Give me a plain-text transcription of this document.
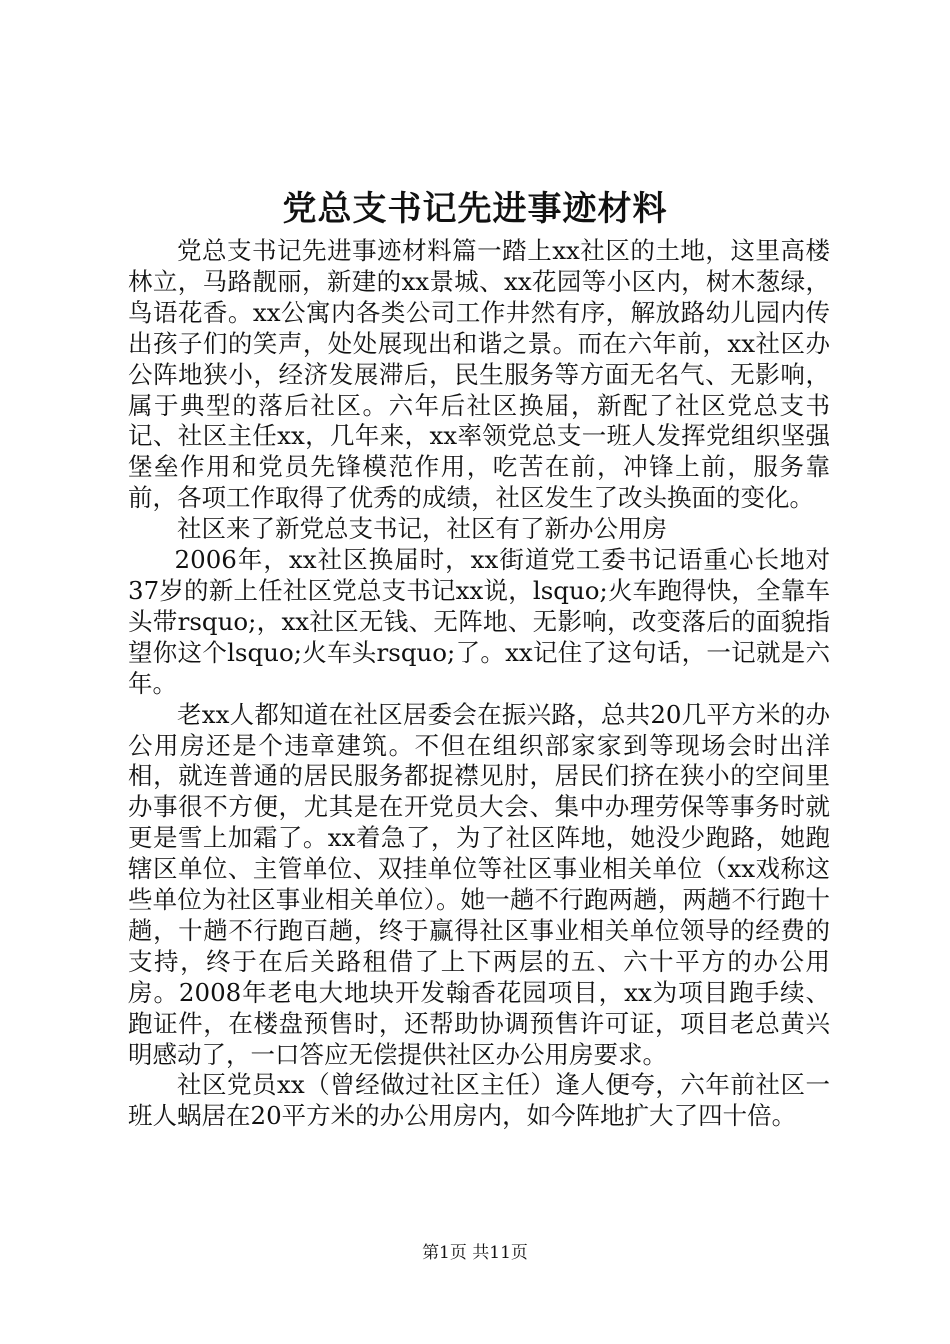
党总支书记先进事迹材料

党总支书记先进事迹材料篇一踏上xx社区的土地，这里高楼林立，马路靓丽，新建的xx景城、xx花园等小区内，树木葱绿，鸟语花香。xx公寓内各类公司工作井然有序，解放路幼儿园内传出孩子们的笑声，处处展现出和谐之景。而在六年前，xx社区办公阵地狭小，经济发展滞后，民生服务等方面无名气、无影响，属于典型的落后社区。六年后社区换届，新配了社区党总支书记、社区主任xx，几年来，xx率领党总支一班人发挥党组织坚强堡垒作用和党员先锋模范作用，吃苦在前，冲锋上前，服务靠前，各项工作取得了优秀的成绩，社区发生了改头换面的变化。

社区来了新党总支书记，社区有了新办公用房

2006年，xx社区换届时，xx街道党工委书记语重心长地对37岁的新上任社区党总支书记xx说，lsquo;火车跑得快，全靠车头带rsquo;，xx社区无钱、无阵地、无影响，改变落后的面貌指望你这个lsquo;火车头rsquo;了。xx记住了这句话，一记就是六年。

老xx人都知道在社区居委会在振兴路，总共20几平方米的办公用房还是个违章建筑。不但在组织部家家到等现场会时出洋相，就连普通的居民服务都捉襟见肘，居民们挤在狭小的空间里办事很不方便，尤其是在开党员大会、集中办理劳保等事务时就更是雪上加霜了。xx着急了，为了社区阵地，她没少跑路，她跑辖区单位、主管单位、双挂单位等社区事业相关单位（xx戏称这些单位为社区事业相关单位）。她一趟不行跑两趟，两趟不行跑十趟，十趟不行跑百趟，终于赢得社区事业相关单位领导的经费的支持，终于在后关路租借了上下两层的五、六十平方的办公用房。2008年老电大地块开发翰香花园项目，xx为项目跑手续、跑证件，在楼盘预售时，还帮助协调预售许可证，项目老总黄兴明感动了，一口答应无偿提供社区办公用房要求。

社区党员xx（曾经做过社区主任）逢人便夸，六年前社区一班人蜗居在20平方米的办公用房内，如今阵地扩大了四十倍。

第1页 共11页
